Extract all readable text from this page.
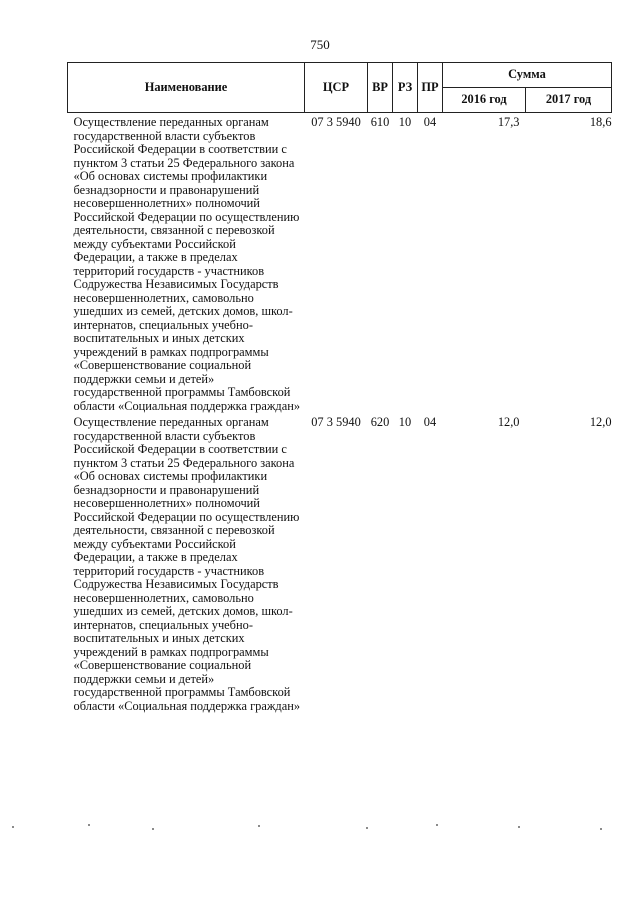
750
Наименование	ЦСР	ВР	РЗ	ПР	Сумма	
					2016 год	2017 год
Осуществление переданных органам государственной власти субъектов Российской Федерации в соответствии с пунктом 3 статьи 25 Федерального закона «Об основах системы профилактики безнадзорности и правонарушений несовершеннолетних» полномочий Российской Федерации по осуществлению деятельности, связанной с перевозкой между субъектами Российской Федерации, а также в пределах территорий государств - участников Содружества Независимых Государств несовершеннолетних, самовольно ушедших из семей, детских домов, школ-интернатов, специальных учебно-воспитательных и иных детских учреждений в рамках подпрограммы «Совершенствование социальной поддержки семьи и детей» государственной программы Тамбовской области «Социальная поддержка граждан»	07 3 5940	610	10	04	17,3	18,6
Осуществление переданных органам государственной власти субъектов Российской Федерации в соответствии с пунктом 3 статьи 25 Федерального закона «Об основах системы профилактики безнадзорности и правонарушений несовершеннолетних» полномочий Российской Федерации по осуществлению деятельности, связанной с перевозкой между субъектами Российской Федерации, а также в пределах территорий государств - участников Содружества Независимых Государств несовершеннолетних, самовольно ушедших из семей, детских домов, школ-интернатов, специальных учебно-воспитательных и иных детских учреждений в рамках подпрограммы «Совершенствование социальной поддержки семьи и детей» государственной программы Тамбовской области «Социальная поддержка граждан»	07 3 5940	620	10	04	12,0	12,0
